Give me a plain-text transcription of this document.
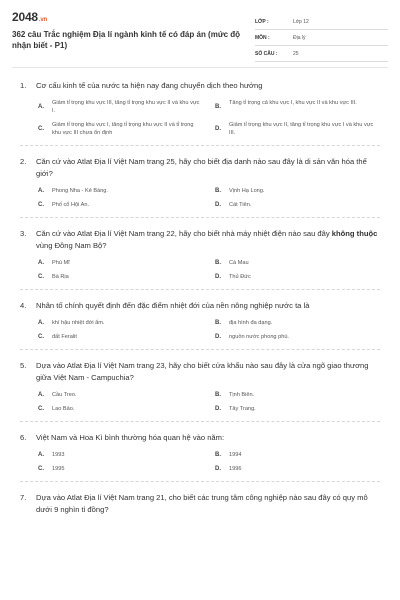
2048.vn
362 câu Trắc nghiệm Địa lí ngành kinh tế có đáp án (mức độ nhận biết - P1)
LỚP :	Lớp 12
MÔN :	Địa lý
SỐ CÂU :	25
1.	Cơ cấu kinh tế của nước ta hiện nay đang chuyển dịch theo hướng
A.
Giảm tỉ trọng khu vực III, tăng tỉ trọng khu vực II và khu vực I.
B.
Tăng tỉ trọng cả khu vực I, khu vực II và khu vực III.
C.
Giảm tỉ trọng khu vực I, tăng tỉ trọng khu vực II và tỉ trọng khu vực III chưa ổn định
D.
Giảm tỉ trọng khu vực II, tăng tỉ trọng khu vực I và khu vực III.
2.	Căn cứ vào Atlat Địa lí Việt Nam trang 25, hãy cho biết địa danh nào sau đây là di sản văn hóa thế giới?
A.	Phong Nha - Kẻ Bàng.	B.	Vịnh Hạ Long.
C.	Phố cổ Hội An.	D.	Cát Tiên.
3.	Căn cứ vào Atlat Địa lí Việt Nam trang 22, hãy cho biết nhà máy nhiệt điện nào sau đây không thuộc vùng Đông Nam Bộ?
A.	Phú Mĩ	B.	Cà Mau
C.	Bà Rịa	D.	Thủ Đức
4.	Nhân tố chính quyết định đến đặc điểm nhiệt đới của nền nông nghiệp nước ta là
A.	khí hậu nhiệt đới ẩm.	B.	địa hình đa dạng.
C.	đất Feralit	D.	nguồn nước phong phú.
5.	Dựa vào Atlat Địa lí Việt Nam trang 23, hãy cho biết cửa khẩu nào sau đây là cửa ngõ giao thương giữa Việt Nam - Campuchia?
A.	Cầu Treo.	B.	Tịnh Biên.
C.	Lao Bảo.	D.	Tây Trang.
6.	Việt Nam và Hoa Kì bình thường hóa quan hệ vào năm:
A.	1993	B.	1994
C.	1995	D.	1996
7.	Dựa vào Atlat Địa lí Việt Nam trang 21, cho biết các trung tâm công nghiệp nào sau đây có quy mô dưới 9 nghìn tỉ đồng?
